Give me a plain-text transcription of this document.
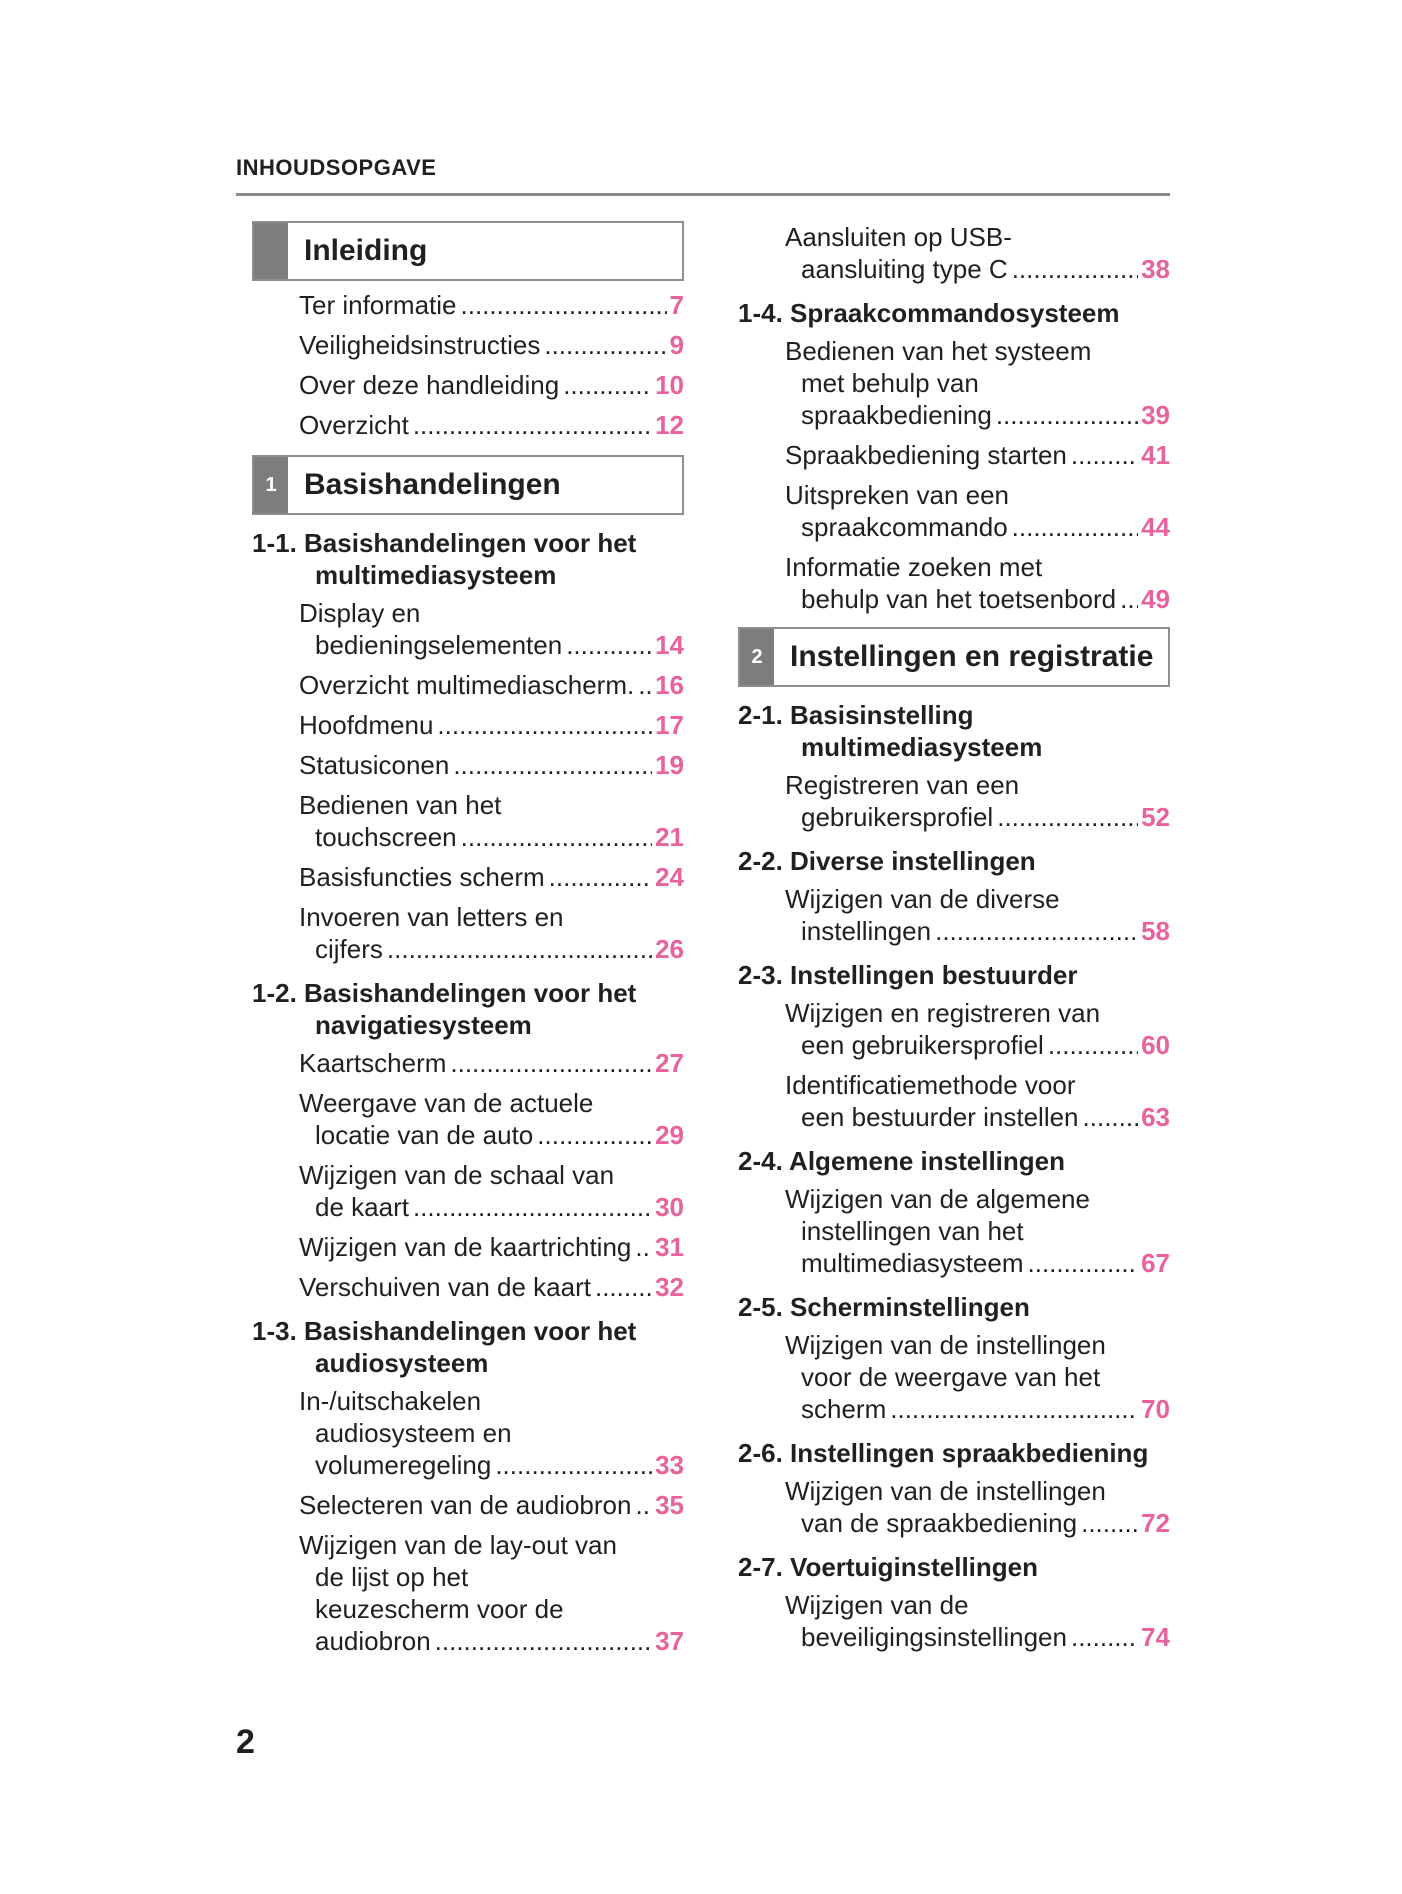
INHOUDSOPGAVE
Inleiding
Ter informatie .....	7
Veiligheidsinstructies .....	9
Over deze handleiding .....	10
Overzicht .....	12
1 Basishandelingen
1-1. Basishandelingen voor het

multimediasysteem
Display en
bedieningselementen .....	14
Overzicht multimediascherm. ..... 16
Hoofdmenu .....	17
Statusiconen .....	19
Bedienen van het
touchscreen .....	21
Basisfuncties scherm .....	24
Invoeren van letters en
cijfers .....	26
1-2. Basishandelingen voor het

navigatiesysteem
Kaartscherm .....	27
Weergave van de actuele
locatie van de auto .....	29
Wijzigen van de schaal van
de kaart .....	30
Wijzigen van de kaartrichting ..... 31
Verschuiven van de kaart ..... 32
1-3. Basishandelingen voor het

audiosysteem
In-/uitschakelen
audiosysteem en
volumeregeling .....	33
Selecteren van de audiobron ..... 35
Wijzigen van de lay-out van
de lijst op het
keuzescherm voor de
audiobron .....	37
Aansluiten op USB-
aansluiting type C .....	38
1-4. Spraakcommandosysteem
Bedienen van het systeem
met behulp van
spraakbediening .....	39
Spraakbediening starten .....	41
Uitspreken van een
spraakcommando .....	44
Informatie zoeken met
behulp van het toetsenbord ..... 49
2 Instellingen en registratie
2-1. Basisinstelling

multimediasysteem
Registreren van een
gebruikersprofiel .....	52
2-2. Diverse instellingen
Wijzigen van de diverse
instellingen .....	58
2-3. Instellingen bestuurder
Wijzigen en registreren van
een gebruikersprofiel .....	60
Identificatiemethode voor
een bestuurder instellen ..... 63
2-4. Algemene instellingen
Wijzigen van de algemene
instellingen van het
multimediasysteem .....	67
2-5. Scherminstellingen
Wijzigen van de instellingen
voor de weergave van het
scherm .....	70
2-6. Instellingen spraakbediening
Wijzigen van de instellingen
van de spraakbediening ..... 72
2-7. Voertuiginstellingen
Wijzigen van de
beveiligingsinstellingen .....	74
2
